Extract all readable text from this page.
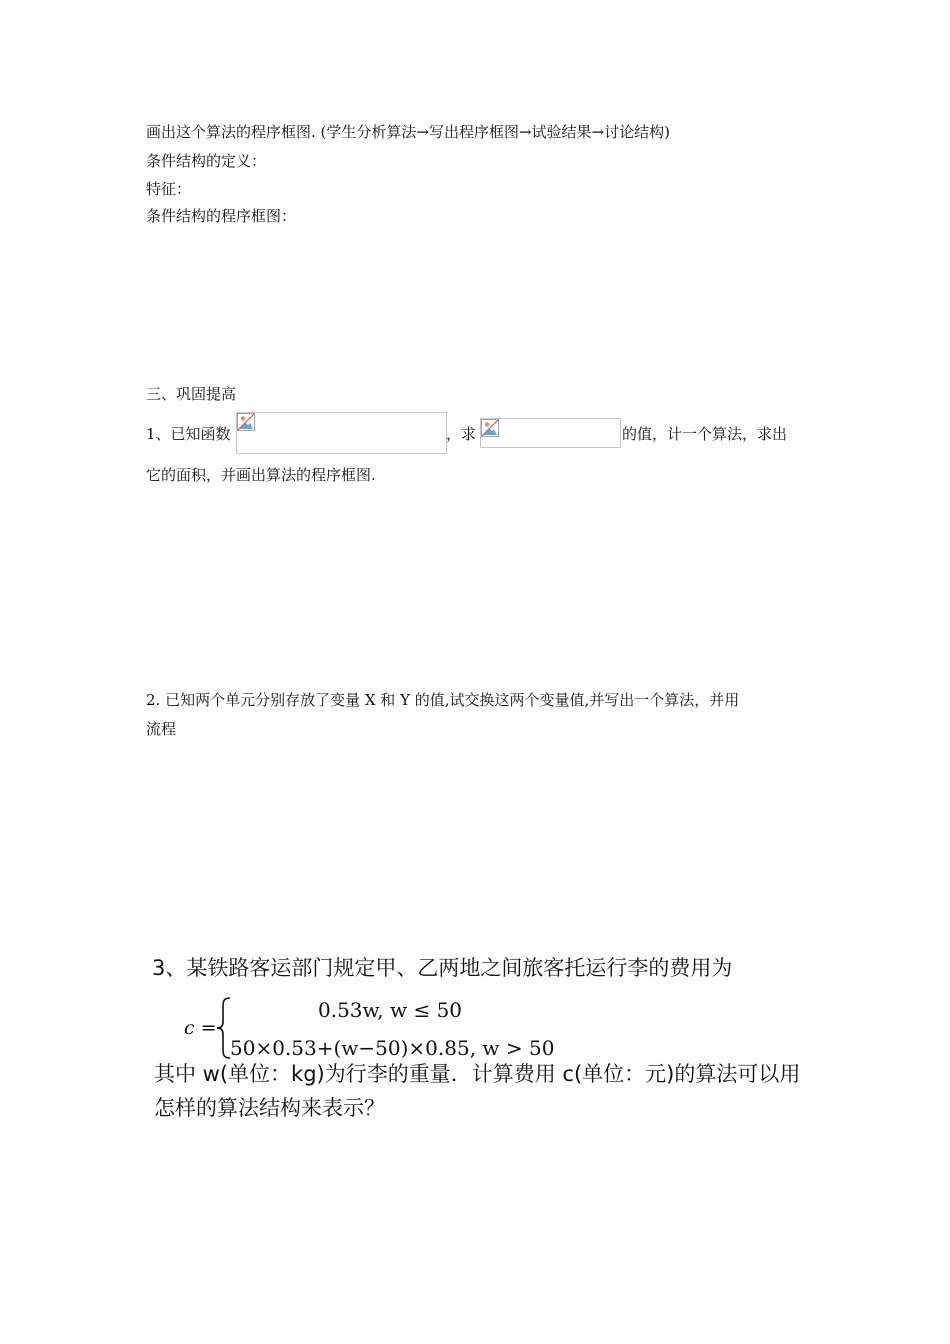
画出这个算法的程序框图. (学生分析算法→写出程序框图→试验结果→讨论结构)
条件结构的定义：
特征：
条件结构的程序框图：
三、巩固提高
1、已知函数	，求	的值，计一个算法，求出
它的面积，并画出算法的程序框图.
2. 已知两个单元分别存放了变量 X 和 Y 的值,试交换这两个变量值,并写出一个算法，并用
流程
3、某铁路客运部门规定甲、乙两地之间旅客托运行李的费用为
c =
0.53w, w ≤ 50
50×0.53+(w−50)×0.85, w > 50
其中 w(单位：kg)为行李的重量．计算费用 c(单位：元)的算法可以用
怎样的算法结构来表示？
